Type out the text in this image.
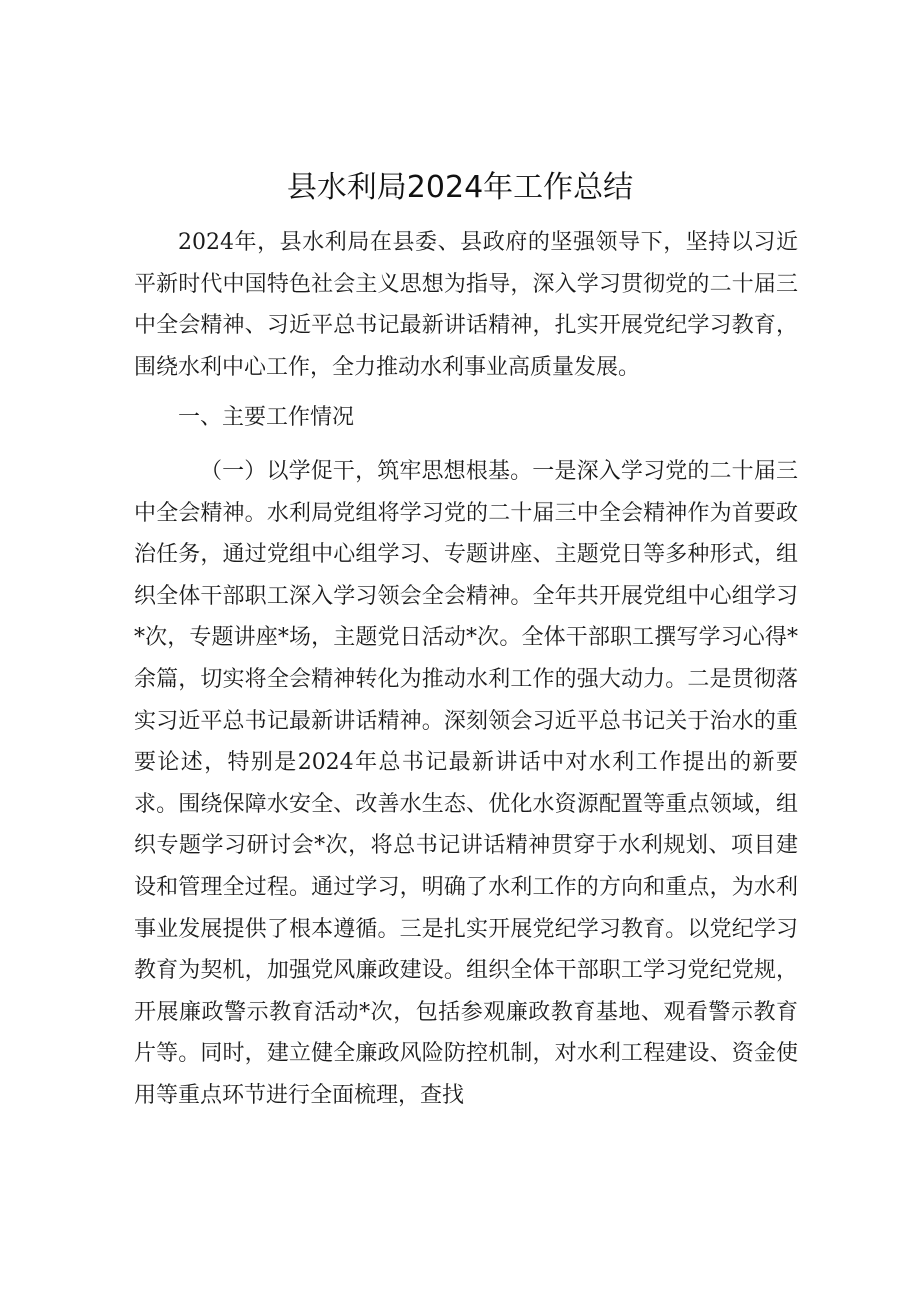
县水利局2024年工作总结

2024年，县水利局在县委、县政府的坚强领导下，坚持以习近平新时代中国特色社会主义思想为指导，深入学习贯彻党的二十届三中全会精神、习近平总书记最新讲话精神，扎实开展党纪学习教育，围绕水利中心工作，全力推动水利事业高质量发展。

一、主要工作情况

（一）以学促干，筑牢思想根基。一是深入学习党的二十届三中全会精神。水利局党组将学习党的二十届三中全会精神作为首要政治任务，通过党组中心组学习、专题讲座、主题党日等多种形式，组织全体干部职工深入学习领会全会精神。全年共开展党组中心组学习*次，专题讲座*场，主题党日活动*次。全体干部职工撰写学习心得*余篇，切实将全会精神转化为推动水利工作的强大动力。二是贯彻落实习近平总书记最新讲话精神。深刻领会习近平总书记关于治水的重要论述，特别是2024年总书记最新讲话中对水利工作提出的新要求。围绕保障水安全、改善水生态、优化水资源配置等重点领域，组织专题学习研讨会*次，将总书记讲话精神贯穿于水利规划、项目建设和管理全过程。通过学习，明确了水利工作的方向和重点，为水利事业发展提供了根本遵循。三是扎实开展党纪学习教育。以党纪学习教育为契机，加强党风廉政建设。组织全体干部职工学习党纪党规，开展廉政警示教育活动*次，包括参观廉政教育基地、观看警示教育片等。同时，建立健全廉政风险防控机制，对水利工程建设、资金使用等重点环节进行全面梳理，查找
